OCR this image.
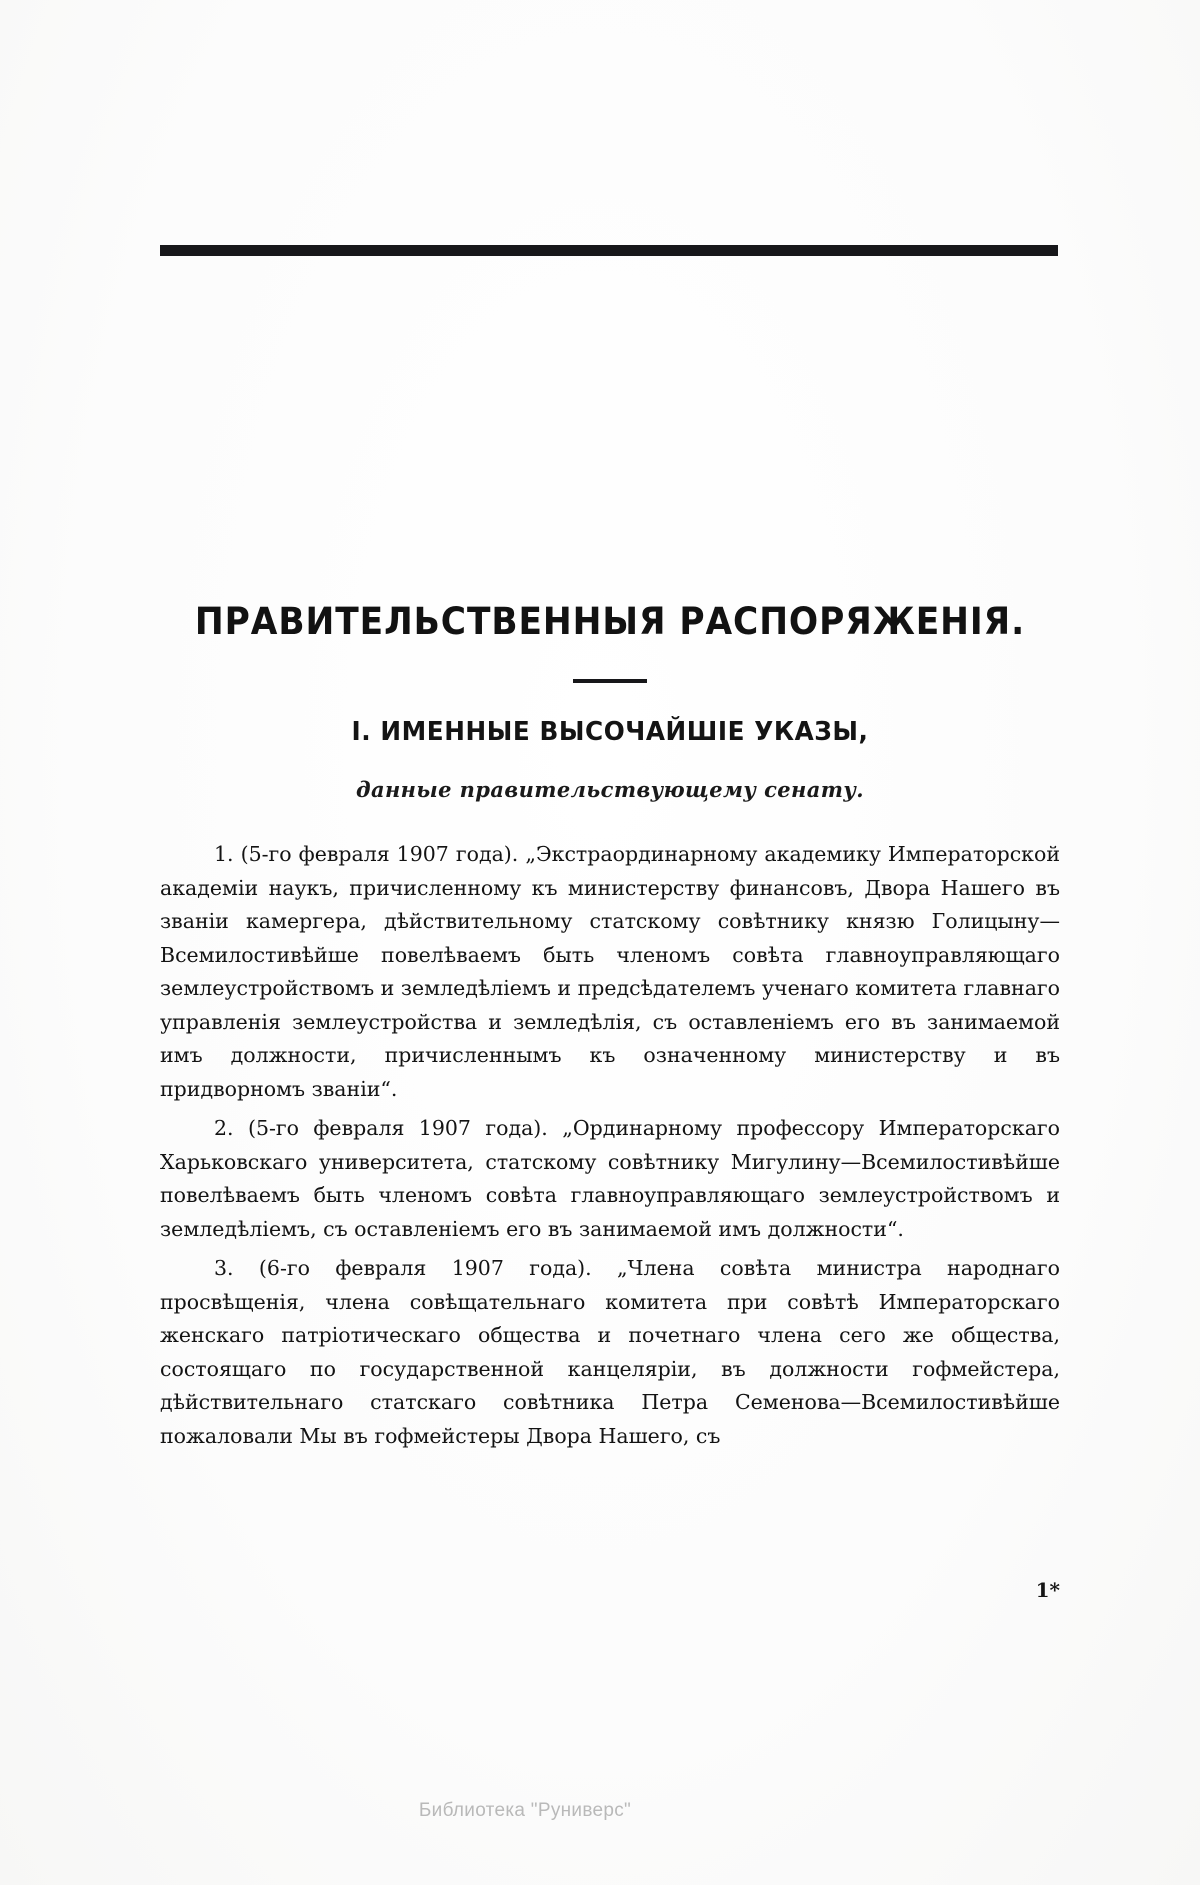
ПРАВИТЕЛЬСТВЕННЫЯ РАСПОРЯЖЕНІЯ.
I. ИМЕННЫЕ ВЫСОЧАЙШІЕ УКАЗЫ,
данные правительствующему сенату.

1. (5-го февраля 1907 года). „Экстраординарному академику Императорской академіи наукъ, причисленному къ министерству финансовъ, Двора Нашего въ званіи камергера, дѣйствительному статскому совѣтнику князю Голицыну—Всемилостивѣйше повелѣваемъ быть членомъ совѣта главноуправляющаго землеустройствомъ и земледѣліемъ и предсѣдателемъ ученаго комитета главнаго управленія землеустройства и земледѣлія, съ оставленіемъ его въ занимаемой имъ должности, причисленнымъ къ означенному министерству и въ придворномъ званіи“.

2. (5-го февраля 1907 года). „Ординарному профессору Императорскаго Харьковскаго университета, статскому совѣтнику Мигулину—Всемилостивѣйше повелѣваемъ быть членомъ совѣта главноуправляющаго землеустройствомъ и земледѣліемъ, съ оставленіемъ его въ занимаемой имъ должности“.

3. (6-го февраля 1907 года). „Члена совѣта министра народнаго просвѣщенія, члена совѣщательнаго комитета при совѣтѣ Императорскаго женскаго патріотическаго общества и почетнаго члена сего же общества, состоящаго по государственной канцеляріи, въ должности гофмейстера, дѣйствительнаго статскаго совѣтника Петра Семенова—Всемилостивѣйше пожаловали Мы въ гофмейстеры Двора Нашего, съ

1*
Библиотека "Руниверс"
